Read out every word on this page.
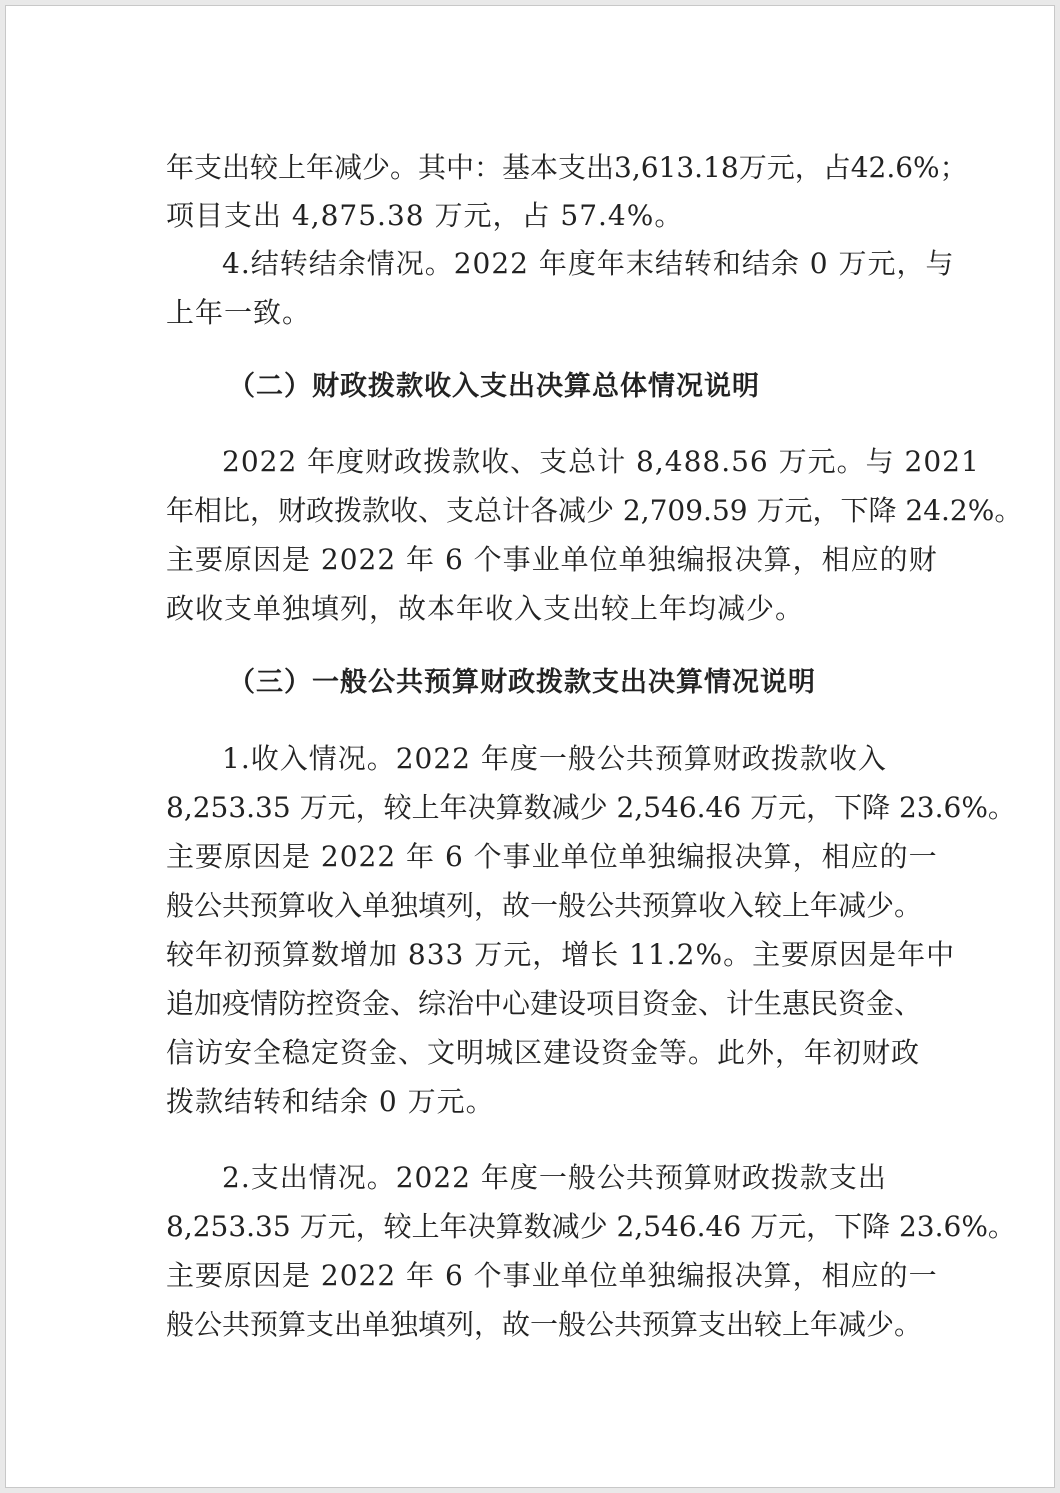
年支出较上年减少。其中：基本支出3,613.18万元，占42.6%；
项目支出 4,875.38 万元，占 57.4%。
4.结转结余情况。2022 年度年末结转和结余 0 万元，与
上年一致。
（二）财政拨款收入支出决算总体情况说明
2022 年度财政拨款收、支总计 8,488.56 万元。与 2021
年相比，财政拨款收、支总计各减少 2,709.59 万元，下降 24.2%。
主要原因是 2022 年 6 个事业单位单独编报决算，相应的财
政收支单独填列，故本年收入支出较上年均减少。
（三）一般公共预算财政拨款支出决算情况说明
1.收入情况。2022 年度一般公共预算财政拨款收入
8,253.35 万元，较上年决算数减少 2,546.46 万元，下降 23.6%。
主要原因是 2022 年 6 个事业单位单独编报决算，相应的一
般公共预算收入单独填列，故一般公共预算收入较上年减少。
较年初预算数增加 833 万元，增长 11.2%。主要原因是年中
追加疫情防控资金、综治中心建设项目资金、计生惠民资金、
信访安全稳定资金、文明城区建设资金等。此外，年初财政
拨款结转和结余 0 万元。
2.支出情况。2022 年度一般公共预算财政拨款支出
8,253.35 万元，较上年决算数减少 2,546.46 万元，下降 23.6%。
主要原因是 2022 年 6 个事业单位单独编报决算，相应的一
般公共预算支出单独填列，故一般公共预算支出较上年减少。
